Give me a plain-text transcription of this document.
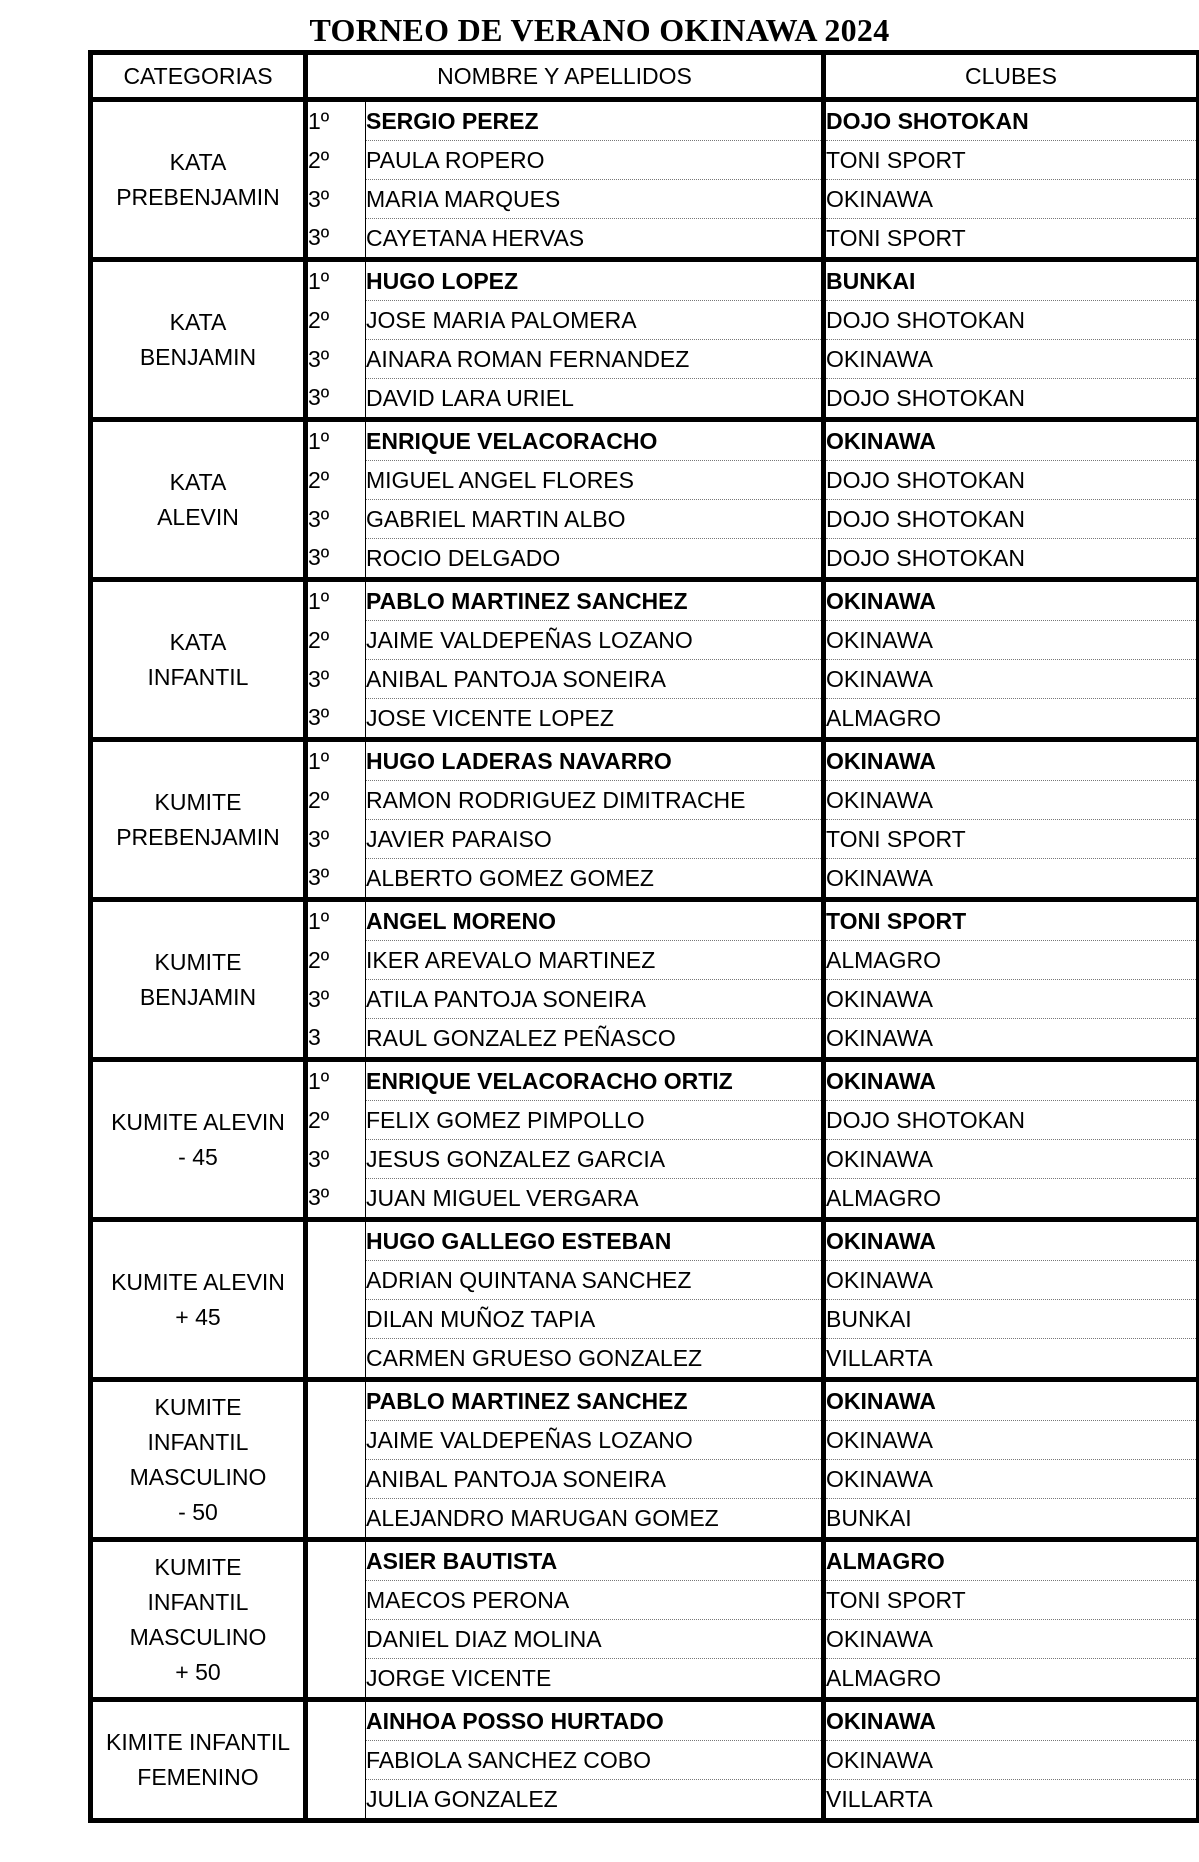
TORNEO DE VERANO OKINAWA 2024
CATEGORIAS	NOMBRE Y APELLIDOS		CLUBES

KATA
PREBENJAMIN	1º	SERGIO PEREZ	DOJO SHOTOKAN
	2º	PAULA ROPERO	TONI SPORT
	3º	MARIA MARQUES	OKINAWA
	3º	CAYETANA HERVAS	TONI SPORT

KATA
BENJAMIN	1º	HUGO LOPEZ	BUNKAI
	2º	JOSE MARIA PALOMERA	DOJO SHOTOKAN
	3º	AINARA ROMAN FERNANDEZ	OKINAWA
	3º	DAVID LARA URIEL	DOJO SHOTOKAN

KATA
ALEVIN	1º	ENRIQUE VELACORACHO	OKINAWA
	2º	MIGUEL ANGEL FLORES	DOJO SHOTOKAN
	3º	GABRIEL MARTIN ALBO	DOJO SHOTOKAN
	3º	ROCIO DELGADO	DOJO SHOTOKAN

KATA
INFANTIL	1º	PABLO MARTINEZ SANCHEZ	OKINAWA
	2º	JAIME VALDEPEÑAS LOZANO	OKINAWA
	3º	ANIBAL PANTOJA SONEIRA	OKINAWA
	3º	JOSE VICENTE LOPEZ	ALMAGRO

KUMITE
PREBENJAMIN	1º	HUGO LADERAS NAVARRO	OKINAWA
	2º	RAMON RODRIGUEZ DIMITRACHE	OKINAWA
	3º	JAVIER PARAISO	TONI SPORT
	3º	ALBERTO GOMEZ GOMEZ	OKINAWA

KUMITE
BENJAMIN	1º	ANGEL MORENO	TONI SPORT
	2º	IKER AREVALO MARTINEZ	ALMAGRO
	3º	ATILA PANTOJA SONEIRA	OKINAWA
	3	RAUL GONZALEZ PEÑASCO	OKINAWA

KUMITE ALEVIN
- 45	1º	ENRIQUE VELACORACHO ORTIZ	OKINAWA
	2º	FELIX GOMEZ PIMPOLLO	DOJO SHOTOKAN
	3º	JESUS GONZALEZ GARCIA	OKINAWA
	3º	JUAN MIGUEL VERGARA	ALMAGRO

KUMITE ALEVIN
+ 45		HUGO GALLEGO ESTEBAN	OKINAWA
		ADRIAN QUINTANA SANCHEZ	OKINAWA
		DILAN MUÑOZ TAPIA	BUNKAI
		CARMEN GRUESO GONZALEZ	VILLARTA

KUMITE
INFANTIL
MASCULINO
- 50		PABLO MARTINEZ SANCHEZ	OKINAWA
		JAIME VALDEPEÑAS LOZANO	OKINAWA
		ANIBAL PANTOJA SONEIRA	OKINAWA
		ALEJANDRO MARUGAN GOMEZ	BUNKAI

KUMITE
INFANTIL
MASCULINO
+ 50		ASIER BAUTISTA	ALMAGRO
		MAECOS PERONA	TONI SPORT
		DANIEL DIAZ MOLINA	OKINAWA
		JORGE VICENTE	ALMAGRO

KIMITE INFANTIL
FEMENINO		AINHOA POSSO HURTADO	OKINAWA
		FABIOLA SANCHEZ COBO	OKINAWA
		JULIA GONZALEZ	VILLARTA
